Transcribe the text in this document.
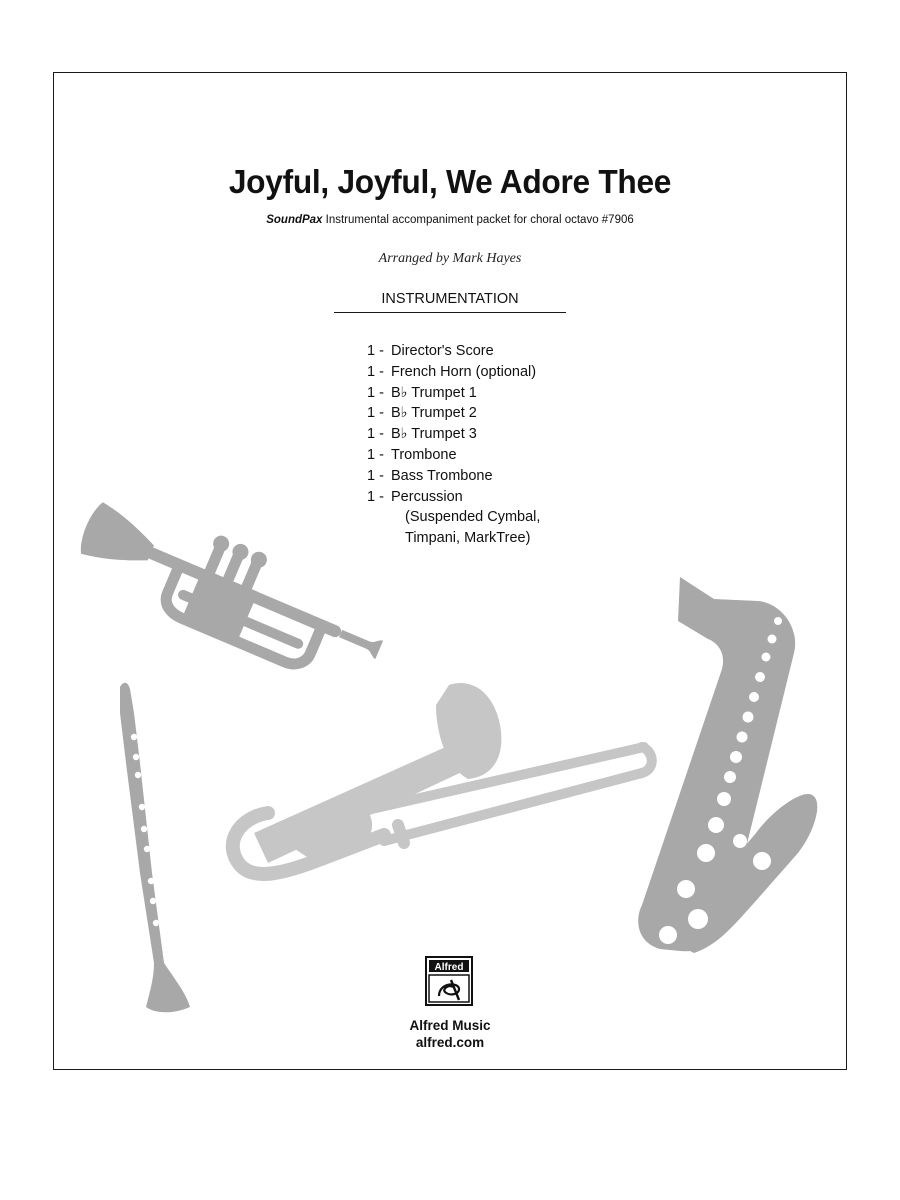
Joyful, Joyful, We Adore Thee
SoundPax Instrumental accompaniment packet for choral octavo #7906
Arranged by Mark Hayes
INSTRUMENTATION
1 - Director's Score
1 - French Horn (optional)
1 - B♭ Trumpet 1
1 - B♭ Trumpet 2
1 - B♭ Trumpet 3
1 - Trombone
1 - Bass Trombone
1 - Percussion
(Suspended Cymbal,
Timpani, MarkTree)
Alfred
Alfred Music
alfred.com
